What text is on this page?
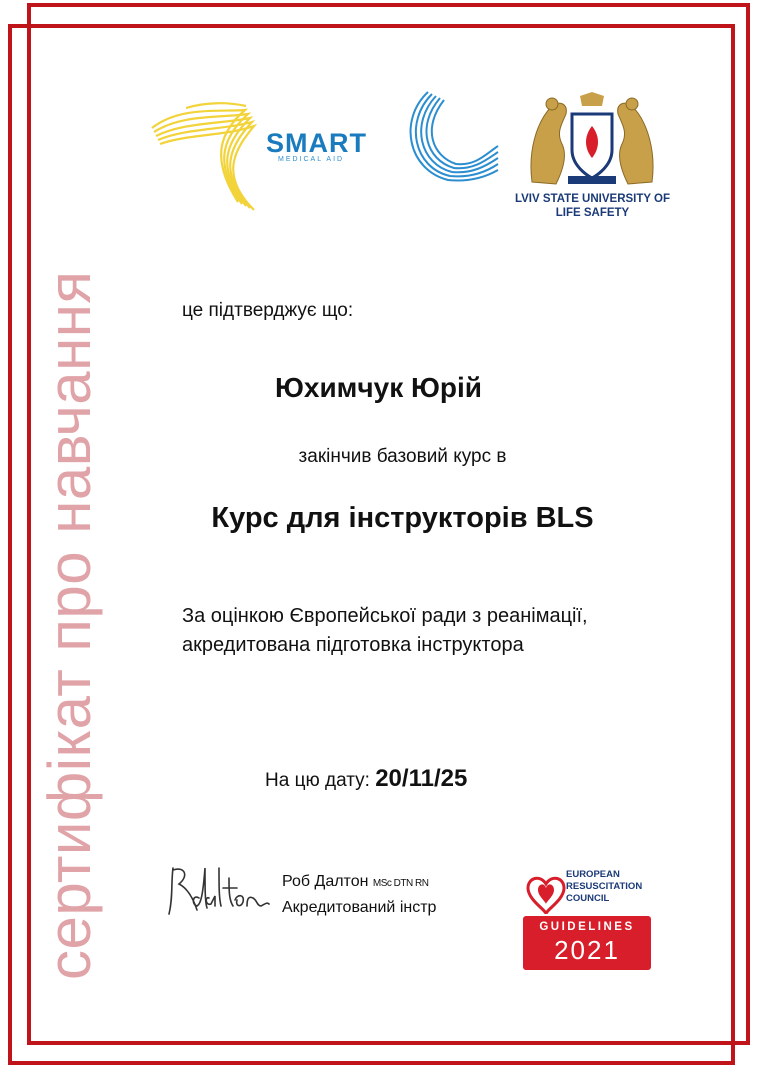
сертифікат про навчання
SMART
MEDICAL AID
LVIV STATE UNIVERSITY OF LIFE SAFETY
це підтверджує що:
Юхимчук Юрій
закінчив базовий курс в
Курс для інструкторів BLS
За оцінкою Європейської ради з реанімації, акредитована підготовка інструктора
На цю дату: 20/11/25
Роб Далтон MSc DTN RN
Акредитований інстр
EUROPEAN
RESUSCITATION
COUNCIL
GUIDELINES
2021
